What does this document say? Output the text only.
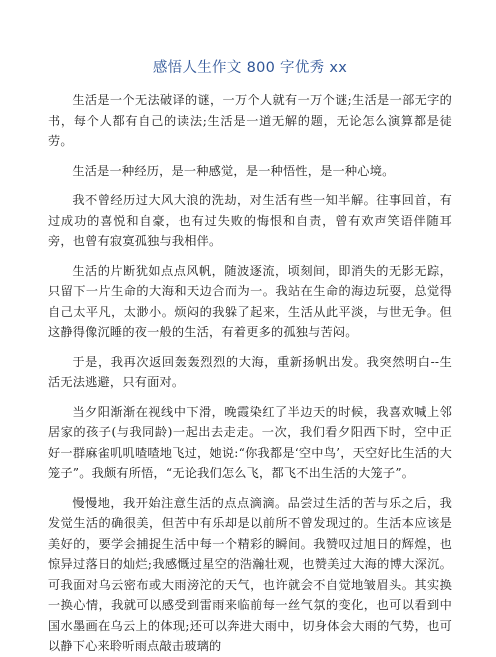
感悟人生作文 800 字优秀 xx
生活是一个无法破译的谜，一万个人就有一万个谜;生活是一部无字的书，每个人都有自己的读法;生活是一道无解的题，无论怎么演算都是徒劳。
生活是一种经历，是一种感觉，是一种悟性，是一种心境。
我不曾经历过大风大浪的洗劫，对生活有些一知半解。往事回首，有过成功的喜悦和自豪，也有过失败的悔恨和自责，曾有欢声笑语伴随耳旁，也曾有寂寞孤独与我相伴。
生活的片断犹如点点风帆，随波逐流，顷刻间，即消失的无影无踪，只留下一片生命的大海和天边合而为一。我站在生命的海边玩耍，总觉得自己太平凡，太渺小。烦闷的我躲了起来，生活从此平淡，与世无争。但这静得像沉睡的夜一般的生活，有着更多的孤独与苦闷。
于是，我再次返回轰轰烈烈的大海，重新扬帆出发。我突然明白--生活无法逃避，只有面对。
当夕阳渐渐在视线中下滑，晚霞染红了半边天的时候，我喜欢喊上邻居家的孩子(与我同龄)一起出去走走。一次，我们看夕阳西下时，空中正好一群麻雀叽叽喳喳地飞过，她说:“你我都是‘空中鸟’，天空好比生活的大笼子”。我颇有所悟，“无论我们怎么飞，都飞不出生活的大笼子”。
慢慢地，我开始注意生活的点点滴滴。品尝过生活的苦与乐之后，我发觉生活的确很美，但苦中有乐却是以前所不曾发现过的。生活本应该是美好的，要学会捕捉生活中每一个精彩的瞬间。我赞叹过旭日的辉煌，也惊异过落日的灿烂;我感慨过星空的浩瀚壮观，也赞美过大海的博大深沉。可我面对乌云密布或大雨滂沱的天气，也许就会不自觉地皱眉头。其实换一换心情，我就可以感受到雷雨来临前每一丝气氛的变化，也可以看到中国水墨画在乌云上的体现;还可以奔进大雨中，切身体会大雨的气势，也可以静下心来聆听雨点敲击玻璃的
